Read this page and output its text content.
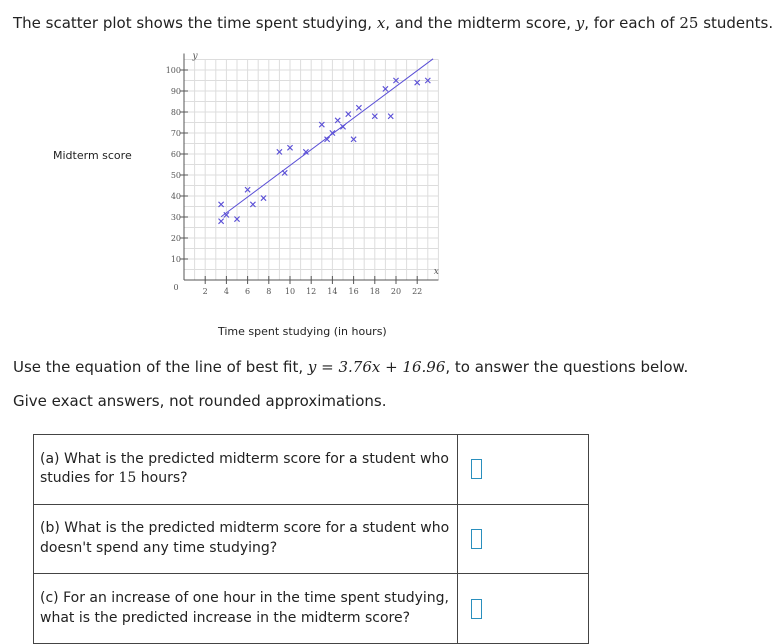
The scatter plot shows the time spent studying, x, and the midterm score, y, for each of 25 students.
Midterm score
10
20
30
40
50
60
70
80
90
100
2 4 6 8 10 12 14 16 18 20 22
0
y
x
Time spent studying (in hours)
Use the equation of the line of best fit, y = 3.76x + 16.96, to answer the questions below.
Give exact answers, not rounded approximations.
(a) What is the predicted midterm score for a student who studies for 15 hours?	

(b) What is the predicted midterm score for a student who doesn't spend any time studying?	

(c) For an increase of one hour in the time spent studying, what is the predicted increase in the midterm score?	
